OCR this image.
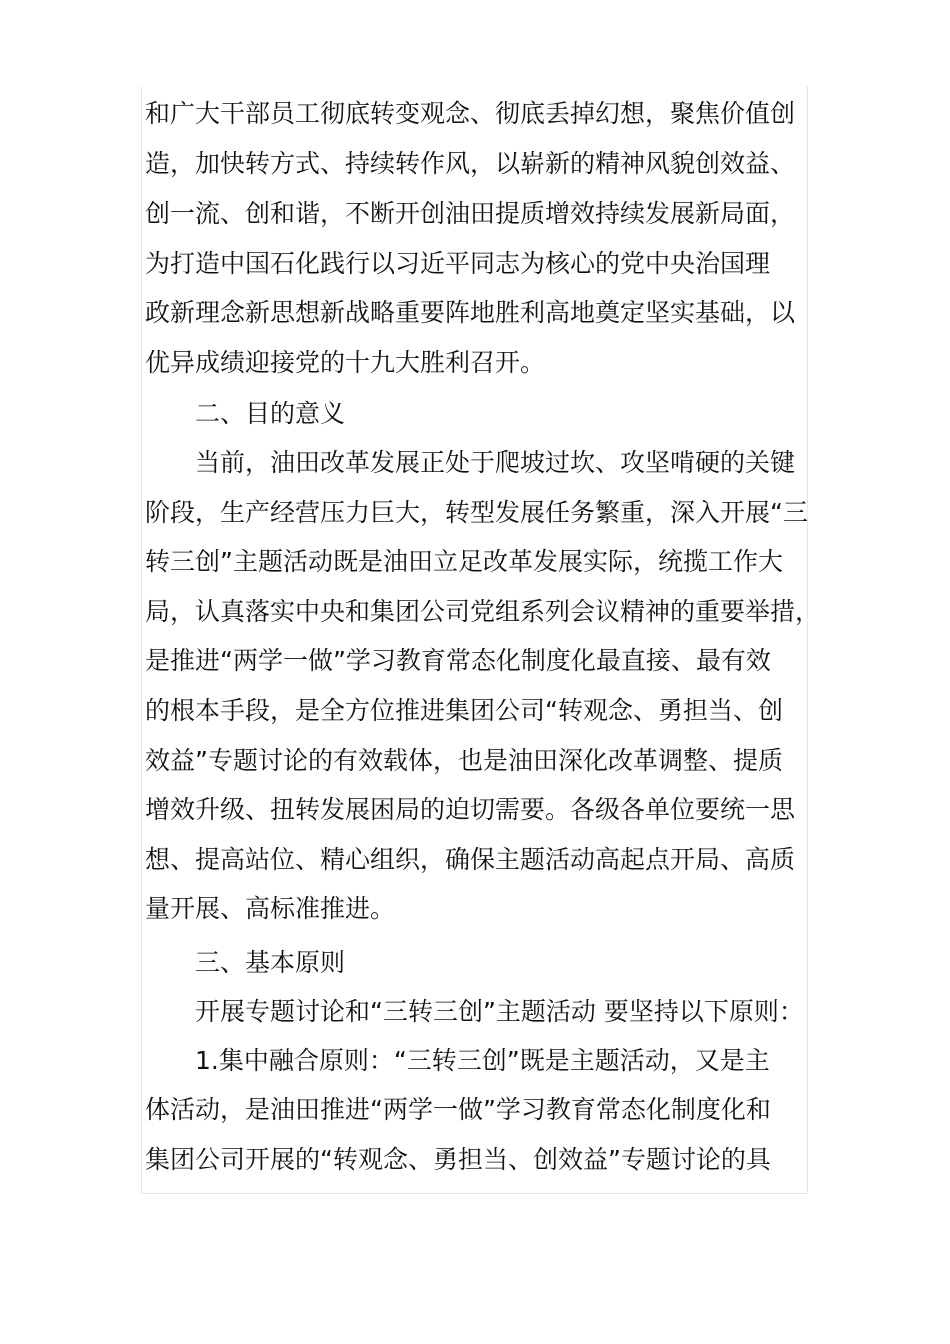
和广大干部员工彻底转变观念、彻底丢掉幻想，聚焦价值创
造，加快转方式、持续转作风，以崭新的精神风貌创效益、
创一流、创和谐，不断开创油田提质增效持续发展新局面，
为打造中国石化践行以习近平同志为核心的党中央治国理
政新理念新思想新战略重要阵地胜利高地奠定坚实基础，以
优异成绩迎接党的十九大胜利召开。
二、目的意义
当前，油田改革发展正处于爬坡过坎、攻坚啃硬的关键
阶段，生产经营压力巨大，转型发展任务繁重，深入开展“三
转三创”主题活动既是油田立足改革发展实际，统揽工作大
局，认真落实中央和集团公司党组系列会议精神的重要举措，
是推进“两学一做”学习教育常态化制度化最直接、最有效
的根本手段，是全方位推进集团公司“转观念、勇担当、创
效益”专题讨论的有效载体，也是油田深化改革调整、提质
增效升级、扭转发展困局的迫切需要。各级各单位要统一思
想、提高站位、精心组织，确保主题活动高起点开局、高质
量开展、高标准推进。
三、基本原则
开展专题讨论和“三转三创”主题活动 要坚持以下原则：
1.集中融合原则：“三转三创”既是主题活动，又是主
体活动，是油田推进“两学一做”学习教育常态化制度化和
集团公司开展的“转观念、勇担当、创效益”专题讨论的具
